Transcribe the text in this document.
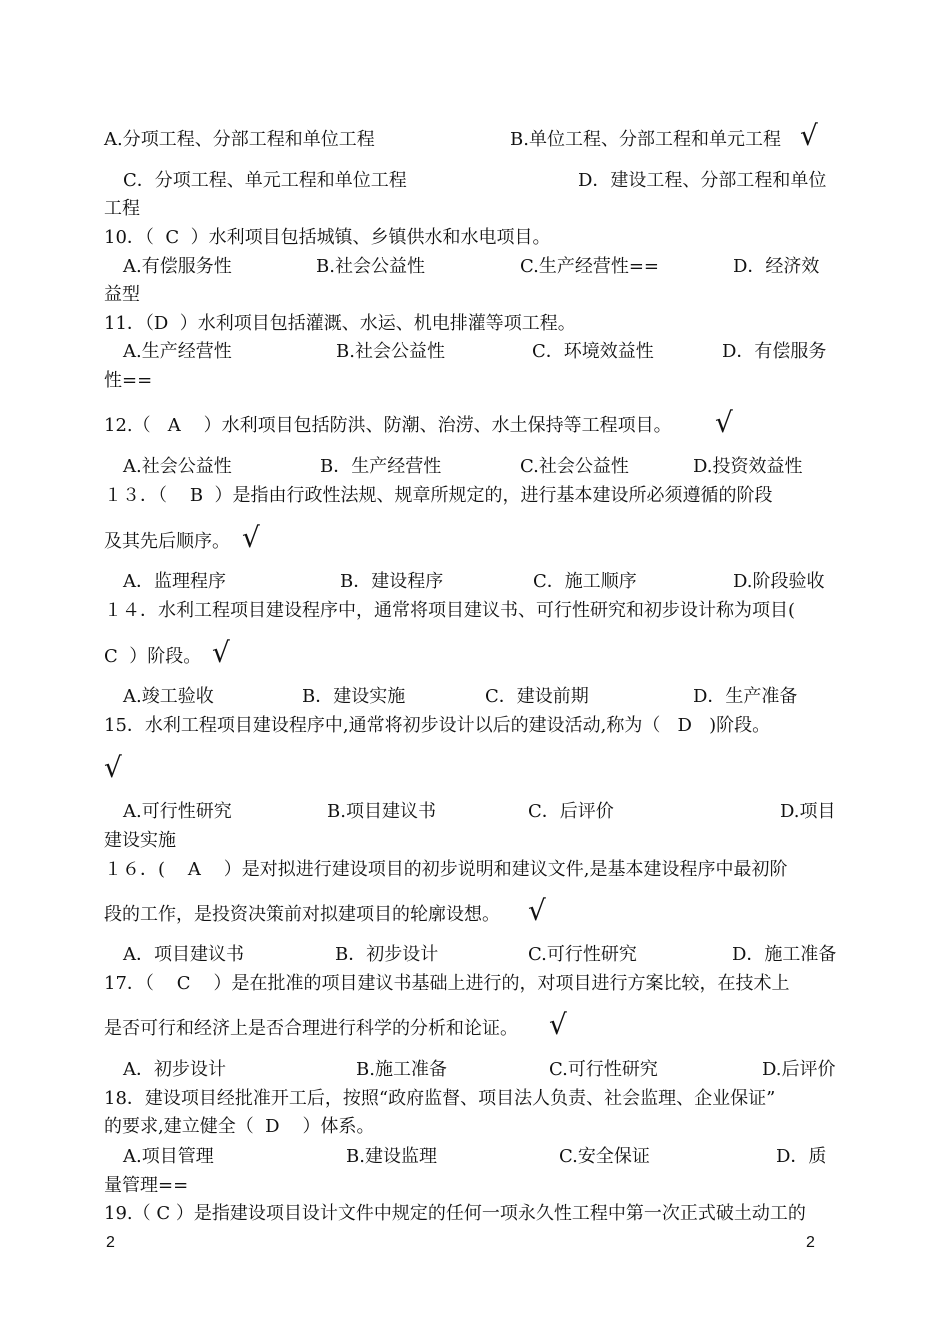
A.分项工程、分部工程和单位工程	B.单位工程、分部工程和单元工程 √
C．分项工程、单元工程和单位工程	D．建设工程、分部工程和单位
工程
10．（  C  ）水利项目包括城镇、乡镇供水和水电项目。
A.有偿服务性	B.社会公益性	C.生产经营性==	D．经济效
益型
11．（D  ）水利项目包括灌溉、水运、机电排灌等项工程。
A.生产经营性	B.社会公益性	C．环境效益性	D．有偿服务
性==
12.（   A    ）水利项目包括防洪、防潮、治涝、水土保持等工程项目。 √
A.社会公益性	B．生产经营性	C.社会公益性	D.投资效益性
１３．（    B  ）是指由行政性法规、规章所规定的，进行基本建设所必须遵循的阶段
及其先后顺序。 √
A．监理程序	B．建设程序	C．施工顺序	D.阶段验收
１４．水利工程项目建设程序中，通常将项目建议书、可行性研究和初步设计称为项目(
C  ）阶段。 √
A.竣工验收	B．建设实施	C．建设前期	D．生产准备
15．水利工程项目建设程序中,通常将初步设计以后的建设活动,称为（   D   )阶段。
√
A.可行性研究	B.项目建议书	C．后评价	D.项目
建设实施
１６．(    A    ）是对拟进行建设项目的初步说明和建议文件,是基本建设程序中最初阶
段的工作，是投资决策前对拟建项目的轮廓设想。 √
A．项目建议书	B．初步设计	C.可行性研究	D．施工准备
17．（    C    ）是在批准的项目建议书基础上进行的，对项目进行方案比较，在技术上
是否可行和经济上是否合理进行科学的分析和论证。 √
A．初步设计	B.施工准备	C.可行性研究	D.后评价
18．建设项目经批准开工后，按照“政府监督、项目法人负责、社会监理、企业保证”
的要求,建立健全（  D    ）体系。
A.项目管理	B.建设监理	C.安全保证	D．质
量管理==
19.（ C ）是指建设项目设计文件中规定的任何一项永久性工程中第一次正式破土动工的
2	2
